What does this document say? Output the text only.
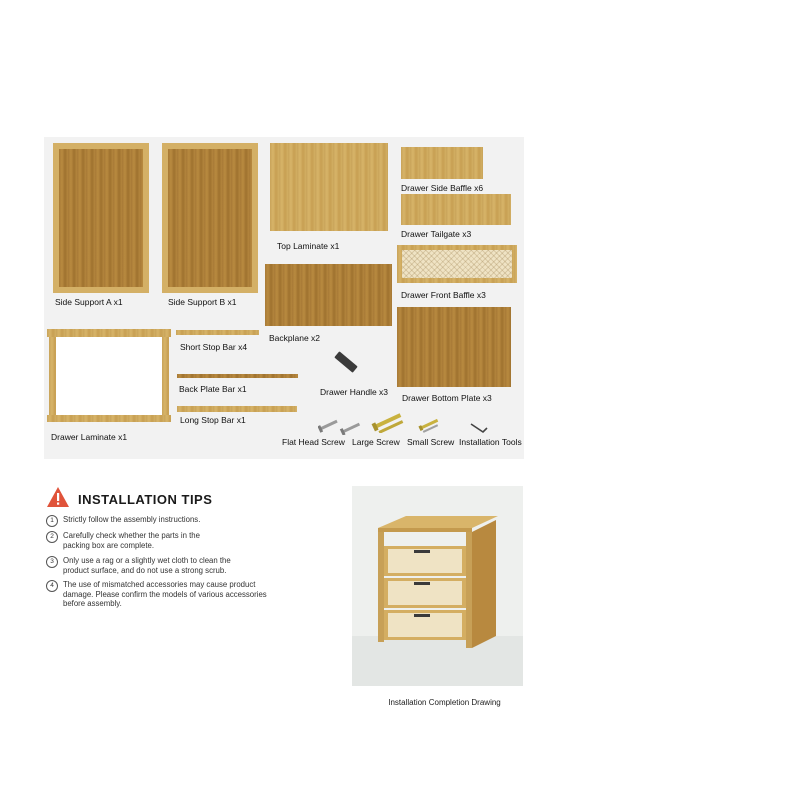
Side Support A x1	Side Support B x1
Top Laminate x1
Drawer Side Baffle x6
Drawer Tailgate x3
Drawer Front Baffle x3
Backplane x2
Drawer Bottom Plate x3
Drawer Laminate x1
Short Stop Bar x4
Back Plate Bar x1
Long Stop Bar x1
Drawer Handle x3
Flat Head Screw Large Screw Small Screw Installation Tools
INSTALLATION TIPS
1	Strictly follow the assembly instructions.
2	Carefully check whether the parts in the packing box are complete.
3	Only use a rag or a slightly wet cloth to clean the product surface, and do not use a strong scrub.
4	The use of mismatched accessories may cause product damage. Please confirm the models of various accessories before assembly.
Installation Completion Drawing
